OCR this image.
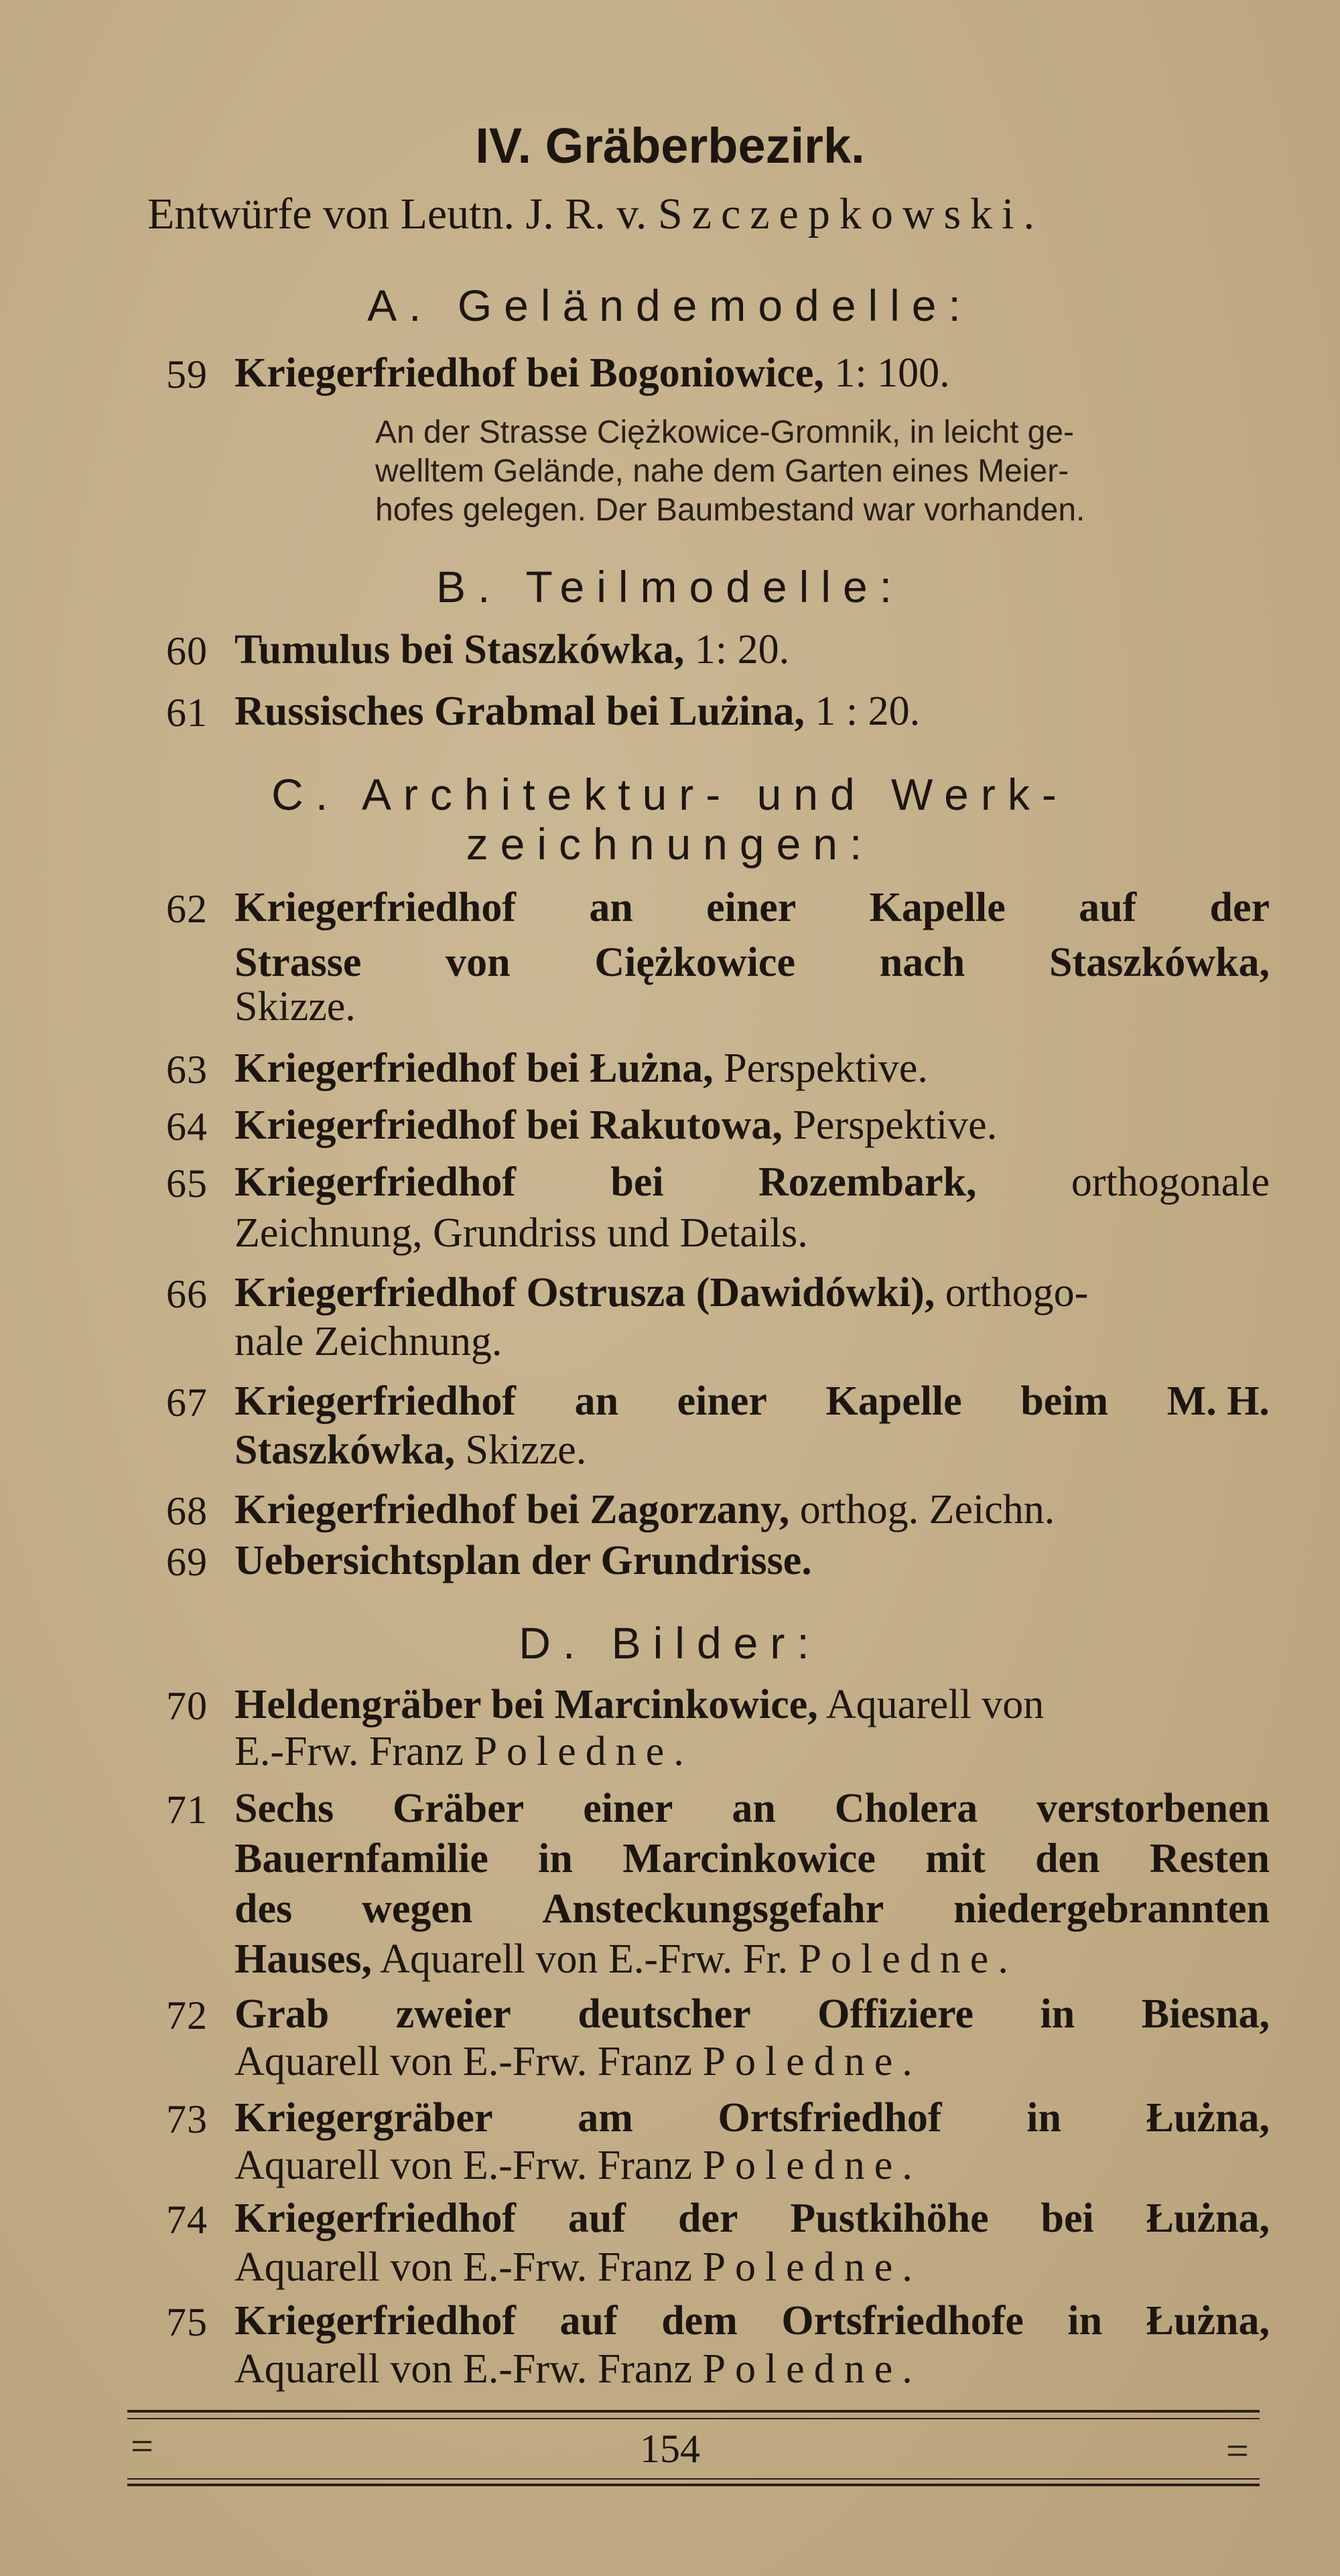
IV. Gräberbezirk.
Entwürfe von Leutn. J. R. v. Szczepkowski.
A. Geländemodelle:
59 Kriegerfriedhof bei Bogoniowice, 1: 100.
An der Strasse Ciężkowice-Gromnik, in leicht ge-
welltem Gelände, nahe dem Garten eines Meier-
hofes gelegen. Der Baumbestand war vorhanden.
B. Teilmodelle:
60 Tumulus bei Staszkówka, 1: 20.
61 Russisches Grabmal bei Lużina, 1 : 20.
C. Architektur- und Werk-
zeichnungen:
62 Kriegerfriedhof an einer Kapelle auf der
Strasse von Ciężkowice nach Staszkówka,
Skizze.
63 Kriegerfriedhof bei Łużna, Perspektive.
64 Kriegerfriedhof bei Rakutowa, Perspektive.
65 Kriegerfriedhof bei Rozembark, orthogonale
Zeichnung, Grundriss und Details.
66 Kriegerfriedhof Ostrusza (Dawidówki), orthogo-
nale Zeichnung.
67 Kriegerfriedhof an einer Kapelle beim M. H.
Staszkówka, Skizze.
68 Kriegerfriedhof bei Zagorzany, orthog. Zeichn.
69 Uebersichtsplan der Grundrisse.
D. Bilder:
70 Heldengräber bei Marcinkowice, Aquarell von
E.-Frw. Franz Poledne.
71 Sechs Gräber einer an Cholera verstorbenen
Bauernfamilie in Marcinkowice mit den Resten
des wegen Ansteckungsgefahr niedergebrannten
Hauses, Aquarell von E.-Frw. Fr. Poledne.
72 Grab zweier deutscher Offiziere in Biesna,
Aquarell von E.-Frw. Franz Poledne.
73 Kriegergräber am Ortsfriedhof in Łużna,
Aquarell von E.-Frw. Franz Poledne.
74 Kriegerfriedhof auf der Pustkihöhe bei Łużna,
Aquarell von E.-Frw. Franz Poledne.
75 Kriegerfriedhof auf dem Ortsfriedhofe in Łużna,
Aquarell von E.-Frw. Franz Poledne.
=	154	=
